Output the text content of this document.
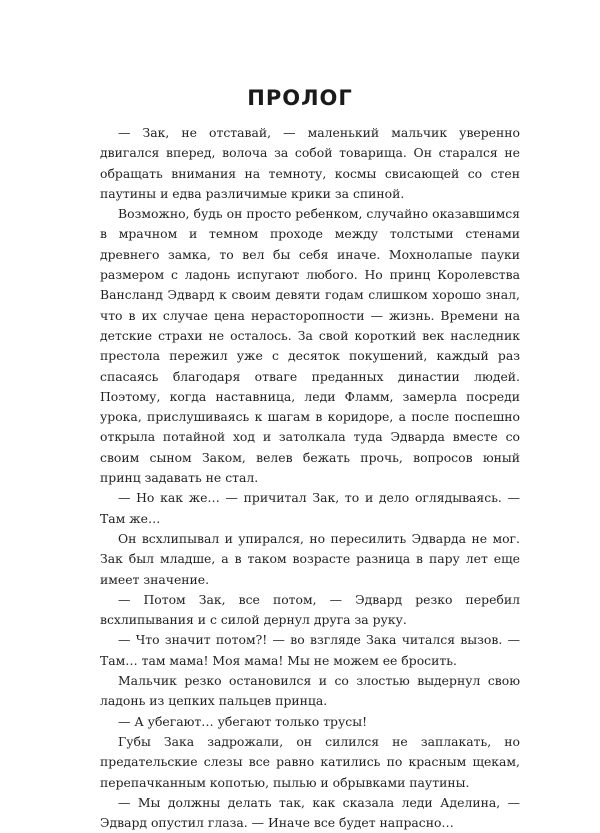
ПРОЛОГ

— Зак, не отставай, — маленький мальчик уверенно двигался вперед, волоча за собой товарища. Он старался не обращать внимания на темноту, космы свисающей со стен паутины и едва различимые крики за спиной.

Возможно, будь он просто ребенком, случайно оказавшимся в мрачном и темном проходе между толстыми стенами древнего замка, то вел бы себя иначе. Мохнолапые пауки размером с ладонь испугают любого. Но принц Королевства Вансланд Эдвард к своим девяти годам слишком хорошо знал, что в их случае цена нерасторопности — жизнь. Времени на детские страхи не осталось. За свой короткий век наследник престола пережил уже с десяток покушений, каждый раз спасаясь благодаря отваге преданных династии людей. Поэтому, когда наставница, леди Фламм, замерла посреди урока, прислушиваясь к шагам в коридоре, а после поспешно открыла потайной ход и затолкала туда Эдварда вместе со своим сыном Заком, велев бежать прочь, вопросов юный принц задавать не стал.

— Но как же… — причитал Зак, то и дело оглядываясь. — Там же…

Он всхлипывал и упирался, но пересилить Эдварда не мог. Зак был младше, а в таком возрасте разница в пару лет еще имеет значение.

— Потом Зак, все потом, — Эдвард резко перебил всхлипывания и с силой дернул друга за руку.

— Что значит потом?! — во взгляде Зака читался вызов. — Там… там мама! Моя мама! Мы не можем ее бросить.

Мальчик резко остановился и со злостью выдернул свою ладонь из цепких пальцев принца.

— А убегают… убегают только трусы!

Губы Зака задрожали, он силился не заплакать, но предательские слезы все равно катились по красным щекам, перепачканным копотью, пылью и обрывками паутины.

— Мы должны делать так, как сказала леди Аделина, — Эдвард опустил глаза. — Иначе все будет напрасно…
